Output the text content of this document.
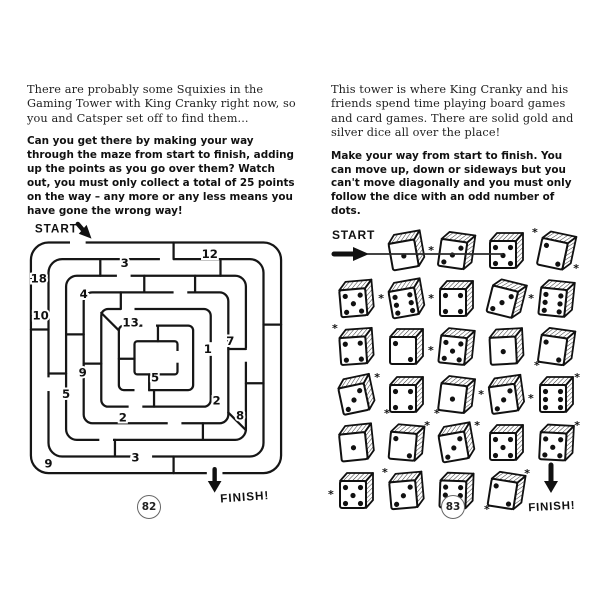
There are probably some Squixies in the Gaming Tower with King Cranky right now, so you and Catsper set off to find them...

Can you get there by making your way through the maze from start to finish, adding up the points as you go over them? Watch out, you must only collect a total of 25 points on the way – any more or any less means you have gone the wrong way!

3
12
18
4
10	13
7
1
9	5
5	2
8
2
3
9
START
FINISH!

This tower is where King Cranky and his friends spend time playing board games and card games. There are solid gold and silver dice all over the place!

Make your way from start to finish. You can move up, down or sideways but you can't move diagonally and you must only follow the dice with an odd number of dots.

*
*
*
*	*	*
*
*
*
*
*
*
*
*
*
*	*	*
*
*	*
*
START
FINISH!
82	83
